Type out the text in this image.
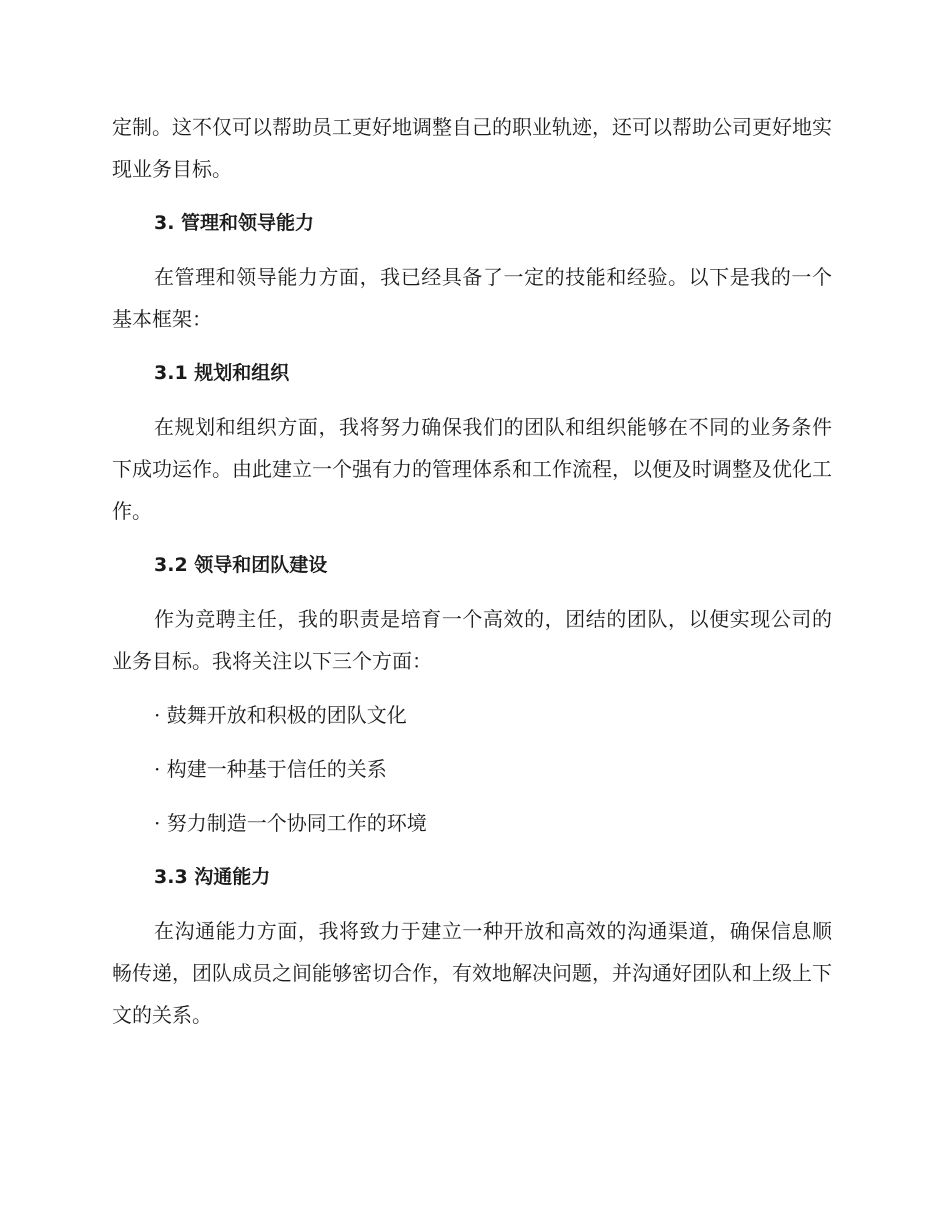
定制。这不仅可以帮助员工更好地调整自己的职业轨迹，还可以帮助公司更好地实现业务目标。

3. 管理和领导能力

在管理和领导能力方面，我已经具备了一定的技能和经验。以下是我的一个基本框架：

3.1 规划和组织

在规划和组织方面，我将努力确保我们的团队和组织能够在不同的业务条件下成功运作。由此建立一个强有力的管理体系和工作流程，以便及时调整及优化工作。

3.2 领导和团队建设

作为竞聘主任，我的职责是培育一个高效的，团结的团队，以便实现公司的业务目标。我将关注以下三个方面：

· 鼓舞开放和积极的团队文化

· 构建一种基于信任的关系

· 努力制造一个协同工作的环境

3.3 沟通能力

在沟通能力方面，我将致力于建立一种开放和高效的沟通渠道，确保信息顺畅传递，团队成员之间能够密切合作，有效地解决问题，并沟通好团队和上级上下文的关系。
